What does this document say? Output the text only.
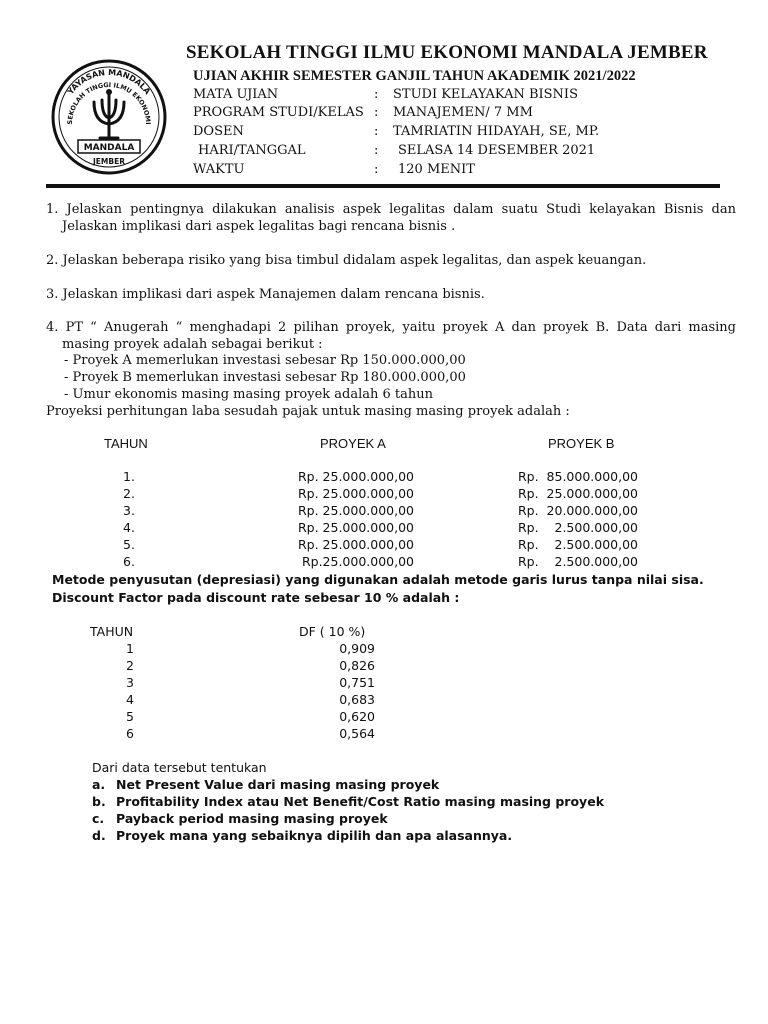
YAYASAN MANDALA
SEKOLAH TINGGI ILMU EKONOMI
MANDALA
JEMBER
SEKOLAH TINGGI ILMU EKONOMI MANDALA JEMBER
UJIAN AKHIR SEMESTER GANJIL TAHUN AKADEMIK 2021/2022
MATA UJIAN	: STUDI KELAYAKAN BISNIS
PROGRAM STUDI/KELAS : MANAJEMEN/ 7 MM
DOSEN	: TAMRIATIN HIDAYAH, SE, MP.
HARI/TANGGAL	: SELASA 14 DESEMBER 2021
WAKTU	: 120 MENIT
1. Jelaskan pentingnya dilakukan analisis aspek legalitas dalam suatu Studi kelayakan Bisnis dan Jelaskan implikasi dari aspek legalitas bagi rencana bisnis .
2. Jelaskan beberapa risiko yang bisa timbul didalam aspek legalitas, dan aspek keuangan.
3. Jelaskan implikasi dari aspek Manajemen dalam rencana bisnis.
4. PT “ Anugerah “ menghadapi 2 pilihan proyek, yaitu proyek A dan proyek B. Data dari masing masing proyek adalah sebagai berikut :
- Proyek A memerlukan investasi sebesar Rp 150.000.000,00
- Proyek B memerlukan investasi sebesar Rp 180.000.000,00
- Umur ekonomis masing masing proyek adalah 6 tahun
Proyeksi perhitungan laba sesudah pajak untuk masing masing proyek adalah :
TAHUN	PROYEK A	PROYEK B
1.	Rp. 25.000.000,00	Rp. 85.000.000,00
2.	Rp. 25.000.000,00	Rp. 25.000.000,00
3.	Rp. 25.000.000,00	Rp. 20.000.000,00
4.	Rp. 25.000.000,00	Rp.	2.500.000,00
5.	Rp. 25.000.000,00	Rp.	2.500.000,00
6.	Rp.25.000.000,00	Rp.	2.500.000,00
Metode penyusutan (depresiasi) yang digunakan adalah metode garis lurus tanpa nilai sisa.
Discount Factor pada discount rate sebesar 10 % adalah :
TAHUN	DF ( 10 %)
1	0,909
2	0,826
3	0,751
4	0,683
5	0,620
6	0,564
Dari data tersebut tentukan
a. Net Present Value dari masing masing proyek
b. Profitability Index atau Net Benefit/Cost Ratio masing masing proyek
c. Payback period masing masing proyek
d. Proyek mana yang sebaiknya dipilih dan apa alasannya.
